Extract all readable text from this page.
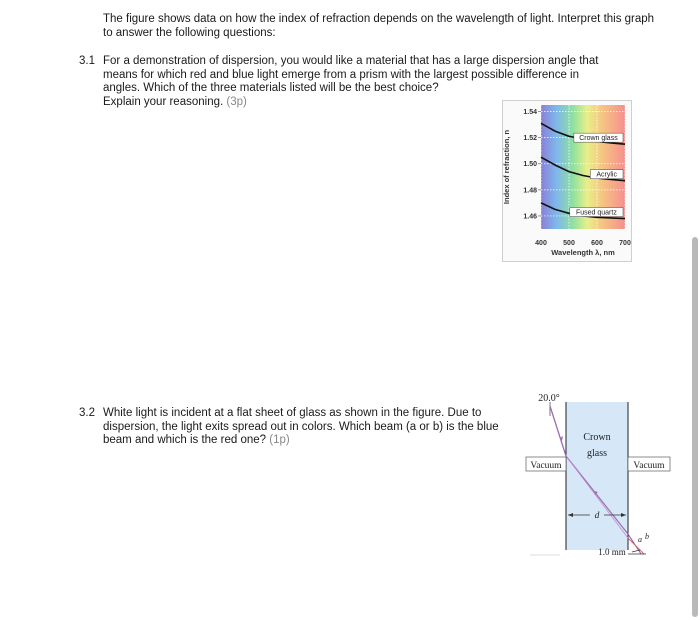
The figure shows data on how the index of refraction depends on the wavelength of light. Interpret this graph to answer the following questions:
3.1 For a demonstration of dispersion, you would like a material that has a large dispersion angle that means for which red and blue light emerge from a prism with the largest possible difference in angles. Which of the three materials listed will be the best choice?
Explain your reasoning. (3p)
1.54
1.52
1.50
1.48
1.46
400 500 600 700
Crown glass
Acrylic
Fused quartz
Index of refraction, n
Wavelength λ, nm
3.2 White light is incident at a flat sheet of glass as shown in the figure. Due to dispersion, the light exits spread out in colors. Which beam (a or b) is the blue beam and which is the red one? (1p)
20.0°
a b
Crown
glass
Vacuum	Vacuum
d
1.0 mm
